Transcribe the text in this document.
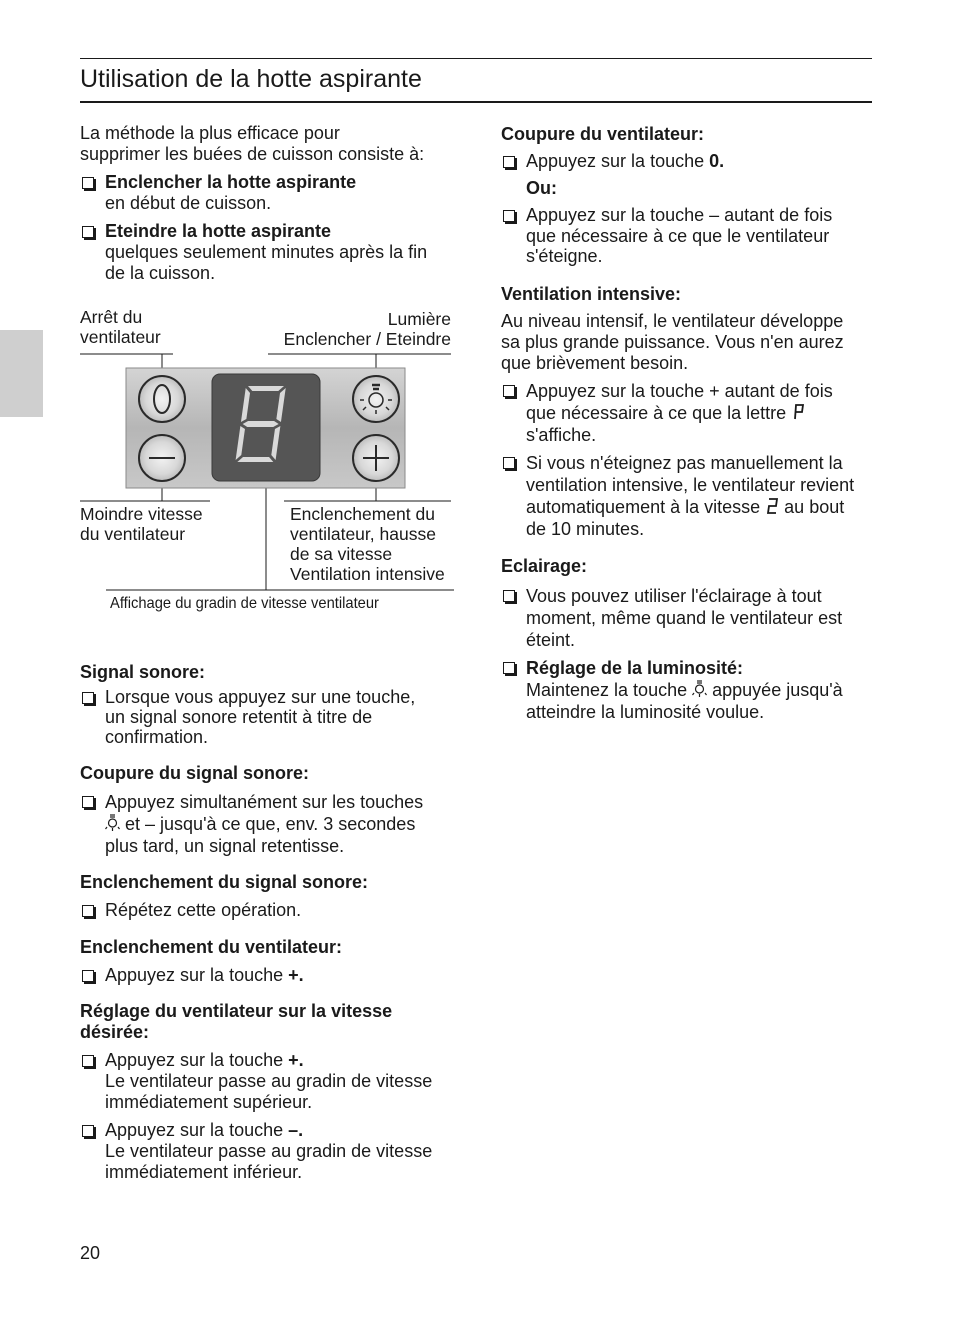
Utilisation de la hotte aspirante

La méthode la plus efficace pour

supprimer les buées de cuisson consiste à:

Enclencher la hotte aspirante
en début de cuisson.
Eteindre la hotte aspirante
quelques seulement minutes après la fin
de la cuisson.
Arrêt du
ventilateur
Lumière
Enclencher / Eteindre
Moindre vitesse
du ventilateur
Enclenchement du
ventilateur, hausse
de sa vitesse
Ventilation intensive
Affichage du gradin de vitesse ventilateur

Signal sonore:

Lorsque vous appuyez sur une touche,
un signal sonore retentit à titre de
confirmation.

Coupure du signal sonore:

Appuyez simultanément sur les touches
et – jusqu'à ce que, env. 3 secondes
plus tard, un signal retentisse.

Enclenchement du signal sonore:

Répétez cette opération.

Enclenchement du ventilateur:

Appuyez sur la touche +.

Réglage du ventilateur sur la vitesse désirée:

Appuyez sur la touche +.
Le ventilateur passe au gradin de vitesse
immédiatement supérieur.
Appuyez sur la touche –.
Le ventilateur passe au gradin de vitesse
immédiatement inférieur.

Coupure du ventilateur:

Appuyez sur la touche 0.

Ou:

Appuyez sur la touche – autant de fois
que nécessaire à ce que le ventilateur
s'éteigne.

Ventilation intensive:

Au niveau intensif, le ventilateur développe
sa plus grande puissance. Vous n'en aurez
que brièvement besoin.

Appuyez sur la touche + autant de fois
que nécessaire à ce que la lettre	P

s'affiche.
Si vous n'éteignez pas manuellement la
ventilation intensive, le ventilateur revient
automatiquement à la vitesse	2 au bout
de 10 minutes.

Eclairage:

Vous pouvez utiliser l'éclairage à tout
moment, même quand le ventilateur est
éteint.
Réglage de la luminosité:
Maintenez la touche appuyée jusqu'à
atteindre la luminosité voulue.
20
